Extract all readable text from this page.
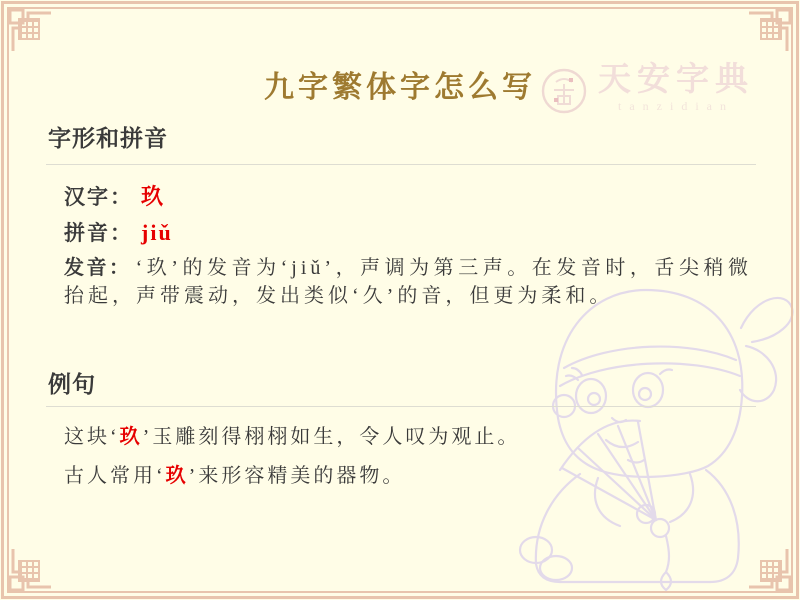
九字繁体字怎么写	天安字典
tanzidian
字形和拼音
汉字： 玖
拼音： jiǔ
发音： ‘玖’的发音为‘jiǔ’，声调为第三声。在发音时，舌尖稍微抬起，声带震动，发出类似‘久’的音，但更为柔和。
例句
这块‘玖’玉雕刻得栩栩如生，令人叹为观止。
古人常用‘玖’来形容精美的器物。
